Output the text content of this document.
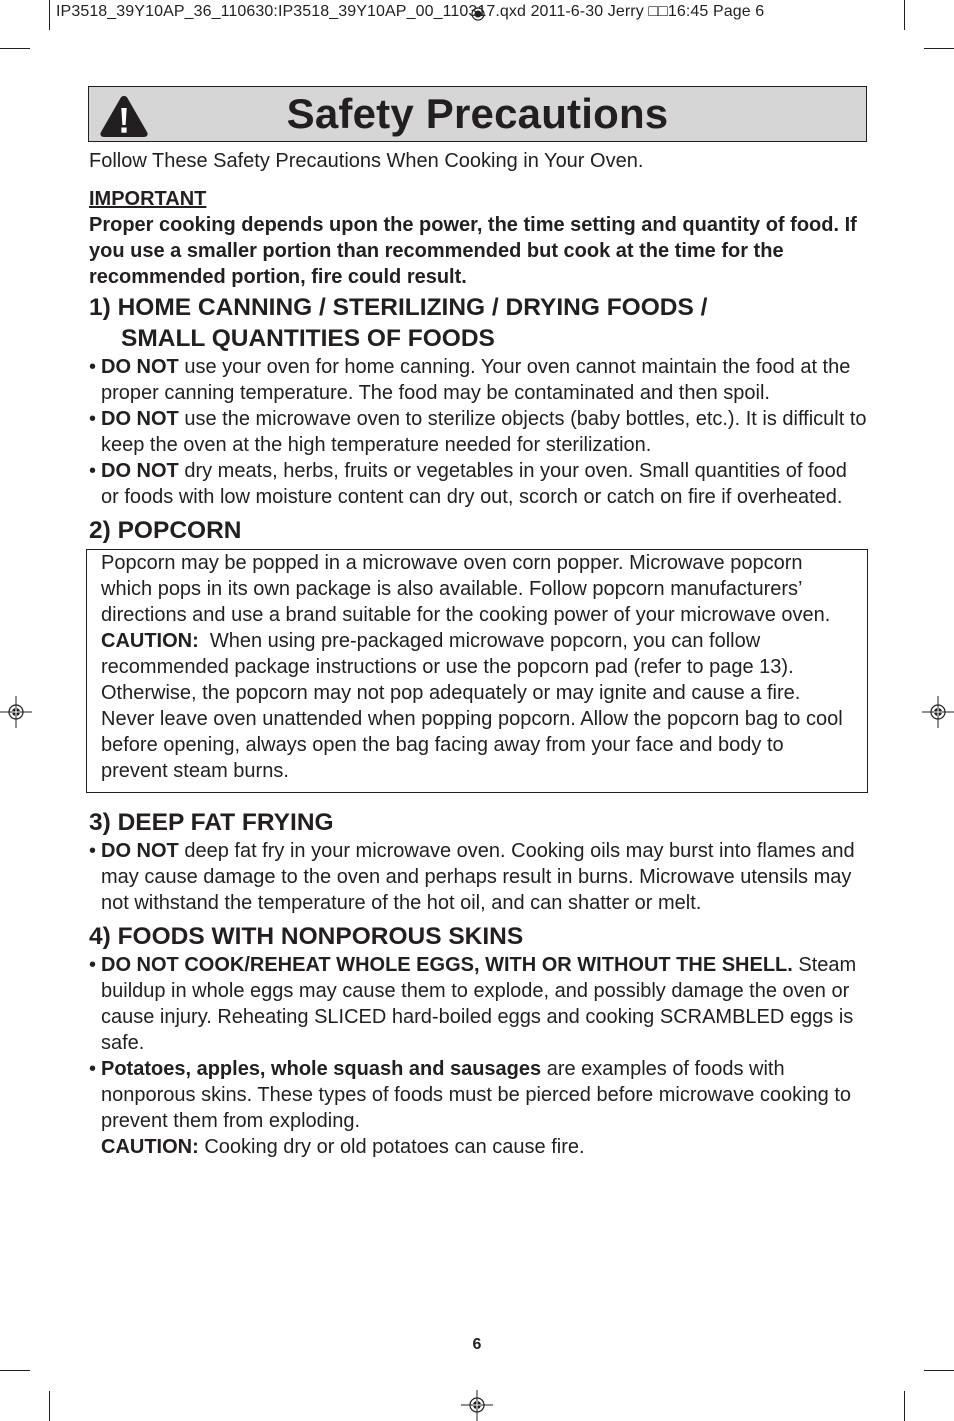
IP3518_39Y10AP_36_110630:IP3518_39Y10AP_00_110317.qxd 2011-6-30 Jerry □□16:45 Page 6
Safety Precautions

Follow These Safety Precautions When Cooking in Your Oven.

IMPORTANT

Proper cooking depends upon the power, the time setting and quantity of food. If you use a smaller portion than recommended but cook at the time for the recommended portion, fire could result.

1) HOME CANNING / STERILIZING / DRYING FOODS /
SMALL QUANTITIES OF FOODS
• DO NOT use your oven for home canning. Your oven cannot maintain the food at the proper canning temperature. The food may be contaminated and then spoil.
• DO NOT use the microwave oven to sterilize objects (baby bottles, etc.). It is difficult to keep the oven at the high temperature needed for sterilization.
• DO NOT dry meats, herbs, fruits or vegetables in your oven. Small quantities of food or foods with low moisture content can dry out, scorch or catch on fire if overheated.
2) POPCORN

Popcorn may be popped in a microwave oven corn popper. Microwave popcorn which pops in its own package is also available. Follow popcorn manufacturers’ directions and use a brand suitable for the cooking power of your microwave oven.

CAUTION:  When using pre-packaged microwave popcorn, you can follow recommended package instructions or use the popcorn pad (refer to page 13). Otherwise, the popcorn may not pop adequately or may ignite and cause a fire. Never leave oven unattended when popping popcorn. Allow the popcorn bag to cool before opening, always open the bag facing away from your face and body to prevent steam burns.

3) DEEP FAT FRYING
• DO NOT deep fat fry in your microwave oven. Cooking oils may burst into flames and may cause damage to the oven and perhaps result in burns. Microwave utensils may not withstand the temperature of the hot oil, and can shatter or melt.
4) FOODS WITH NONPOROUS SKINS
• DO NOT COOK/REHEAT WHOLE EGGS, WITH OR WITHOUT THE SHELL. Steam buildup in whole eggs may cause them to explode, and possibly damage the oven or cause injury. Reheating SLICED hard-boiled eggs and cooking SCRAMBLED eggs is safe.
• Potatoes, apples, whole squash and sausages are examples of foods with nonporous skins. These types of foods must be pierced before microwave cooking to prevent them from exploding.
CAUTION: Cooking dry or old potatoes can cause fire.
6
